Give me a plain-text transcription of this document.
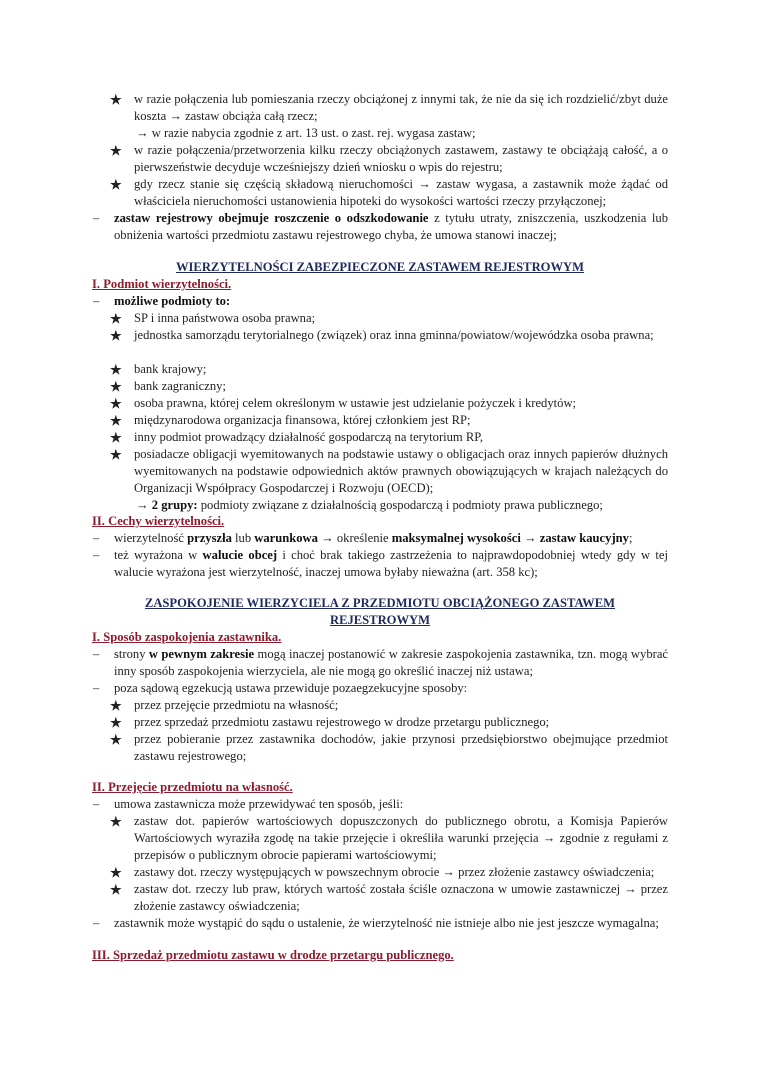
★ w razie połączenia lub pomieszania rzeczy obciążonej z innymi tak, że nie da się ich rozdzielić/zbyt duże koszta → zastaw obciąża całą rzecz;
→ w razie nabycia zgodnie z art. 13 ust. o zast. rej. wygasa zastaw;
★ w razie połączenia/przetworzenia kilku rzeczy obciążonych zastawem, zastawy te obciążają całość, a o pierwszeństwie decyduje wcześniejszy dzień wniosku o wpis do rejestru;
★ gdy rzecz stanie się częścią składową nieruchomości → zastaw wygasa, a zastawnik może żądać od właściciela nieruchomości ustanowienia hipoteki do wysokości wartości rzeczy przyłączonej;
–	zastaw rejestrowy obejmuje roszczenie o odszkodowanie z tytułu utraty, zniszczenia, uszkodzenia lub obniżenia wartości przedmiotu zastawu rejestrowego chyba, że umowa stanowi inaczej;
WIERZYTELNOŚCI ZABEZPIECZONE ZASTAWEM REJESTROWYM
I. Podmiot wierzytelności.
–	możliwe podmioty to:
★ SP i inna państwowa osoba prawna;
★ jednostka samorządu terytorialnego (związek) oraz inna gminna/powiatow/wojewódzka osoba prawna;
★ bank krajowy;
★ bank zagraniczny;
★ osoba prawna, której celem określonym w ustawie jest udzielanie pożyczek i kredytów;
★ międzynarodowa organizacja finansowa, której członkiem jest RP;
★ inny podmiot prowadzący działalność gospodarczą na terytorium RP,
★ posiadacze obligacji wyemitowanych na podstawie ustawy o obligacjach oraz innych papierów dłużnych wyemitowanych na podstawie odpowiednich aktów prawnych obowiązujących w krajach należących do Organizacji Współpracy Gospodarczej i Rozwoju (OECD);
→ 2 grupy: podmioty związane z działalnością gospodarczą i podmioty prawa publicznego;
II. Cechy wierzytelności.
–	wierzytelność przyszła lub warunkowa → określenie maksymalnej wysokości → zastaw kaucyjny;
–	też wyrażona w walucie obcej i choć brak takiego zastrzeżenia to najprawdopodobniej wtedy gdy w tej walucie wyrażona jest wierzytelność, inaczej umowa byłaby nieważna (art. 358 kc);
ZASPOKOJENIE WIERZYCIELA Z PRZEDMIOTU OBCIĄŻONEGO ZASTAWEM
REJESTROWYM
I. Sposób zaspokojenia zastawnika.
–	strony w pewnym zakresie mogą inaczej postanowić w zakresie zaspokojenia zastawnika, tzn. mogą wybrać inny sposób zaspokojenia wierzyciela, ale nie mogą go określić inaczej niż ustawa;
–	poza sądową egzekucją ustawa przewiduje pozaegzekucyjne sposoby:
★ przez przejęcie przedmiotu na własność;
★ przez sprzedaż przedmiotu zastawu rejestrowego w drodze przetargu publicznego;
★ przez pobieranie przez zastawnika dochodów, jakie przynosi przedsiębiorstwo obejmujące przedmiot zastawu rejestrowego;
II. Przejęcie przedmiotu na własność.
–	umowa zastawnicza może przewidywać ten sposób, jeśli:
★ zastaw dot. papierów wartościowych dopuszczonych do publicznego obrotu, a Komisja Papierów Wartościowych wyraziła zgodę na takie przejęcie i określiła warunki przejęcia → zgodnie z regułami z przepisów o publicznym obrocie papierami wartościowymi;
★ zastawy dot. rzeczy występujących w powszechnym obrocie → przez złożenie zastawcy oświadczenia;
★ zastaw dot. rzeczy lub praw, których wartość została ściśle oznaczona w umowie zastawniczej → przez złożenie zastawcy oświadczenia;
–	zastawnik może wystąpić do sądu o ustalenie, że wierzytelność nie istnieje albo nie jest jeszcze wymagalna;
III. Sprzedaż przedmiotu zastawu w drodze przetargu publicznego.
